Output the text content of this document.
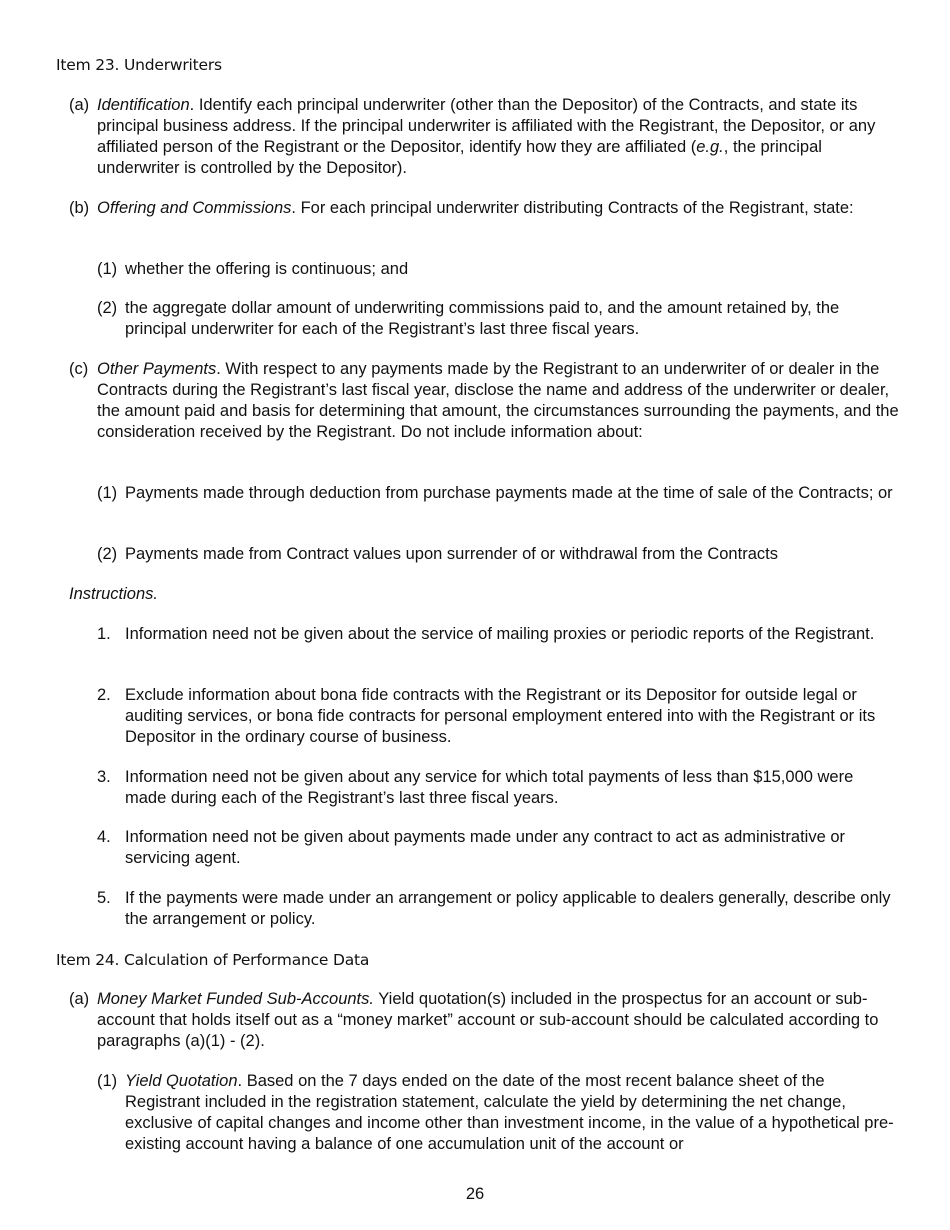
Item 23. Underwriters
(a) Identification. Identify each principal underwriter (other than the Depositor) of the Contracts, and state its principal business address. If the principal underwriter is affiliated with the Registrant, the Depositor, or any affiliated person of the Registrant or the Depositor, identify how they are affiliated (e.g., the principal underwriter is controlled by the Depositor).
(b) Offering and Commissions. For each principal underwriter distributing Contracts of the Registrant, state:
(1) whether the offering is continuous; and
(2) the aggregate dollar amount of underwriting commissions paid to, and the amount retained by, the principal underwriter for each of the Registrant’s last three fiscal years.
(c) Other Payments. With respect to any payments made by the Registrant to an underwriter of or dealer in the Contracts during the Registrant’s last fiscal year, disclose the name and address of the underwriter or dealer, the amount paid and basis for determining that amount, the circumstances surrounding the payments, and the consideration received by the Registrant. Do not include information about:
(1) Payments made through deduction from purchase payments made at the time of sale of the Contracts; or
(2) Payments made from Contract values upon surrender of or withdrawal from the Contracts
Instructions.
1. Information need not be given about the service of mailing proxies or periodic reports of the Registrant.
2. Exclude information about bona fide contracts with the Registrant or its Depositor for outside legal or auditing services, or bona fide contracts for personal employment entered into with the Registrant or its Depositor in the ordinary course of business.
3. Information need not be given about any service for which total payments of less than $15,000 were made during each of the Registrant’s last three fiscal years.
4. Information need not be given about payments made under any contract to act as administrative or servicing agent.
5. If the payments were made under an arrangement or policy applicable to dealers generally, describe only the arrangement or policy.
Item 24. Calculation of Performance Data
(a) Money Market Funded Sub-Accounts. Yield quotation(s) included in the prospectus for an account or sub-account that holds itself out as a “money market” account or sub-account should be calculated according to paragraphs (a)(1) - (2).
(1) Yield Quotation. Based on the 7 days ended on the date of the most recent balance sheet of the Registrant included in the registration statement, calculate the yield by determining the net change, exclusive of capital changes and income other than investment income, in the value of a hypothetical pre-existing account having a balance of one accumulation unit of the account or
26
